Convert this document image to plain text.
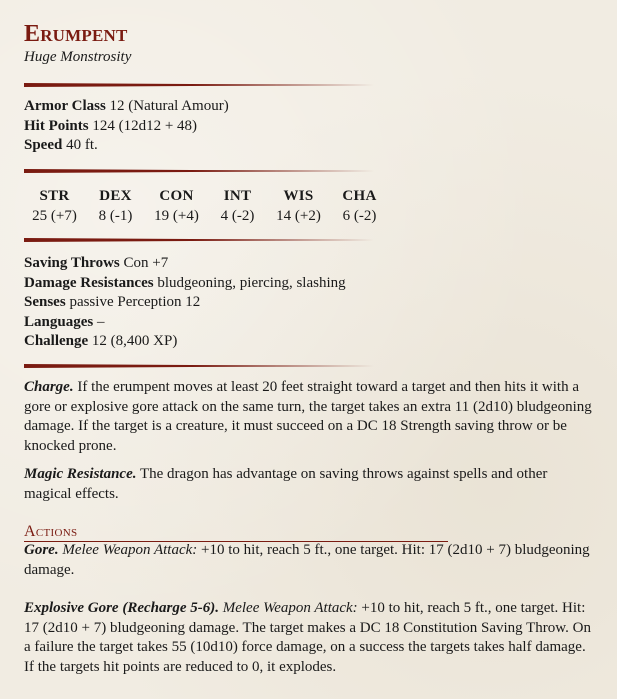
Erumpent
Huge Monstrosity
Armor Class 12 (Natural Amour)
Hit Points 124 (12d12 + 48)
Speed 40 ft.
STR
25 (+7)
DEX
8 (-1)
CON
19 (+4)
INT
4 (-2)
WIS
14 (+2)
CHA
6 (-2)
Saving Throws Con +7
Damage Resistances bludgeoning, piercing, slashing
Senses passive Perception 12
Languages –
Challenge 12 (8,400 XP)

Charge. If the erumpent moves at least 20 feet straight toward a target and then hits it with a gore or explosive gore attack on the same turn, the target takes an extra 11 (2d10) bludgeoning damage. If the target is a creature, it must succeed on a DC 18 Strength saving throw or be knocked prone.

Magic Resistance. The dragon has advantage on saving throws against spells and other magical effects.

Actions

Gore. Melee Weapon Attack: +10 to hit, reach 5 ft., one target. Hit: 17 (2d10 + 7) bludgeoning damage.

Explosive Gore (Recharge 5-6). Melee Weapon Attack: +10 to hit, reach 5 ft., one target. Hit: 17 (2d10 + 7) bludgeoning damage. The target makes a DC 18 Constitution Saving Throw. On a failure the target takes 55 (10d10) force damage, on a success the targets takes half damage. If the targets hit points are reduced to 0, it explodes.
